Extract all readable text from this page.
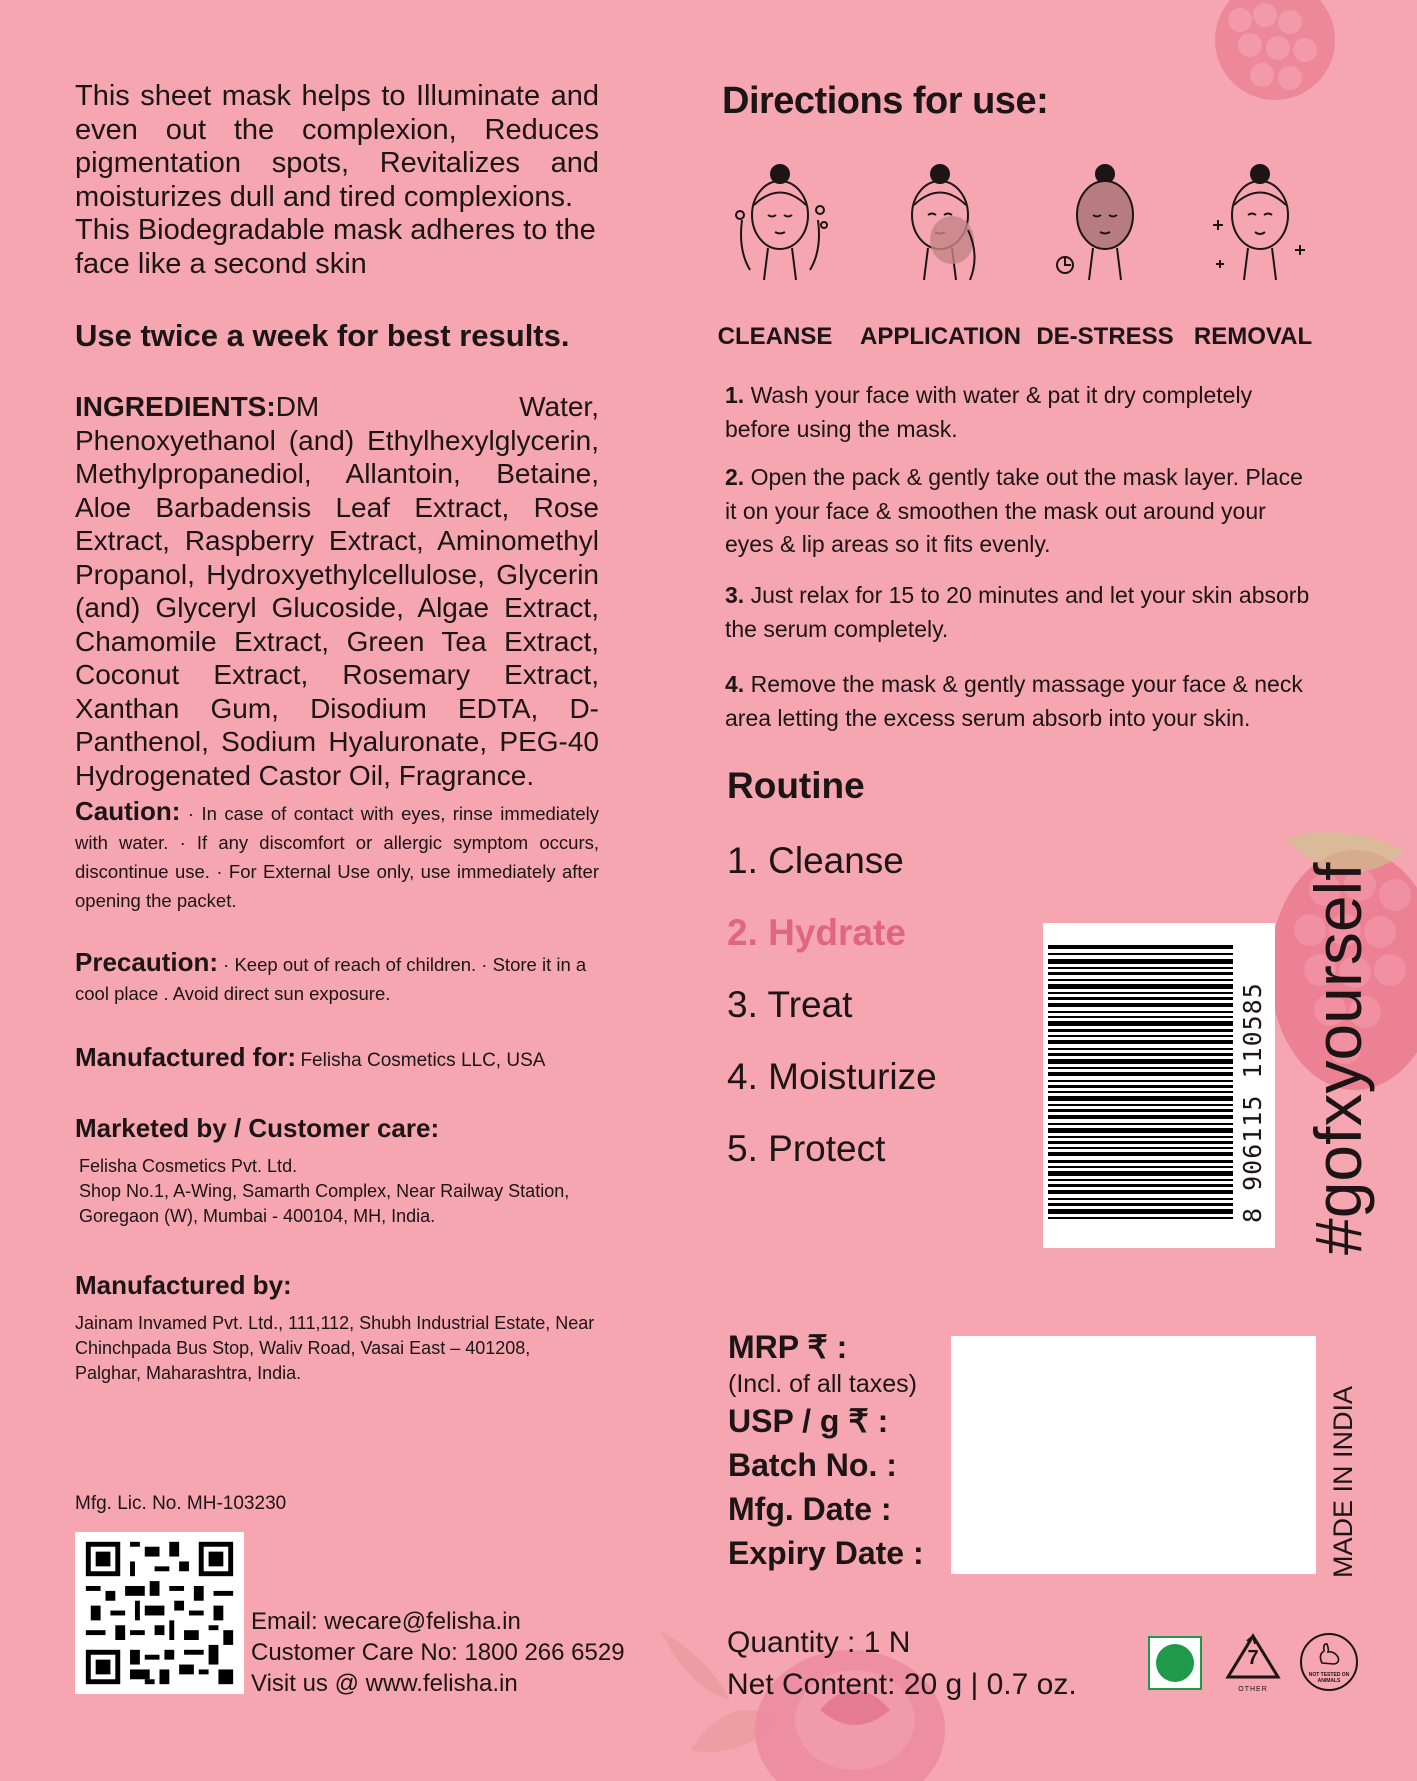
This sheet mask helps to Illuminate and even out the complexion, Reduces pigmentation spots, Revitalizes and moisturizes dull and tired complexions.
This Biodegradable mask adheres to the face like a second skin
Use twice a week for best results.
INGREDIENTS:DM Water, Phenoxyethanol (and) Ethylhexylglycerin, Methylpropanediol, Allantoin, Betaine, Aloe Barbadensis Leaf Extract, Rose Extract, Raspberry Extract, Aminomethyl Propanol, Hydroxyethylcellulose, Glycerin (and) Glyceryl Glucoside, Algae Extract, Chamomile Extract, Green Tea Extract, Coconut Extract, Rosemary Extract, Xanthan Gum, Disodium EDTA, D-Panthenol, Sodium Hyaluronate, PEG-40 Hydrogenated Castor Oil, Fragrance.
Caution: · In case of contact with eyes, rinse immediately with water. · If any discomfort or allergic symptom occurs, discontinue use. · For External Use only, use immediately after opening the packet.
Precaution: · Keep out of reach of children. · Store it in a cool place . Avoid direct sun exposure.
Manufactured for: Felisha Cosmetics LLC, USA
Marketed by / Customer care:
Felisha Cosmetics Pvt. Ltd.
Shop No.1, A-Wing, Samarth Complex, Near Railway Station,
Goregaon (W), Mumbai - 400104, MH, India.
Manufactured by:
Jainam Invamed Pvt. Ltd., 111,112, Shubh Industrial Estate, Near
Chinchpada Bus Stop, Waliv Road, Vasai East – 401208,
Palghar, Maharashtra, India.
Mfg. Lic. No. MH-103230
Email: wecare@felisha.in
Customer Care No: 1800 266 6529
Visit us @ www.felisha.in
Directions for use:
CLEANSE	APPLICATION DE-STRESS REMOVAL
1. Wash your face with water & pat it dry completely before using the mask.
2. Open the pack & gently take out the mask layer. Place it on your face & smoothen the mask out around your eyes & lip areas so it fits evenly.
3. Just relax for 15 to 20 minutes and let your skin absorb the serum completely.
4. Remove the mask & gently massage your face & neck area letting the excess serum absorb into your skin.
Routine
1. Cleanse
2. Hydrate
3. Treat
4. Moisturize
5. Protect	8 906115 110585 #gofxyourself
MRP ₹ :
(Incl. of all taxes)
USP / g ₹ :
Batch No. :
Mfg. Date :
Expiry Date :	MADE IN INDIA
Quantity : 1 N
Net Content: 20 g | 0.7 oz.
7
OTHER
NOT TESTED ON ANIMALS
